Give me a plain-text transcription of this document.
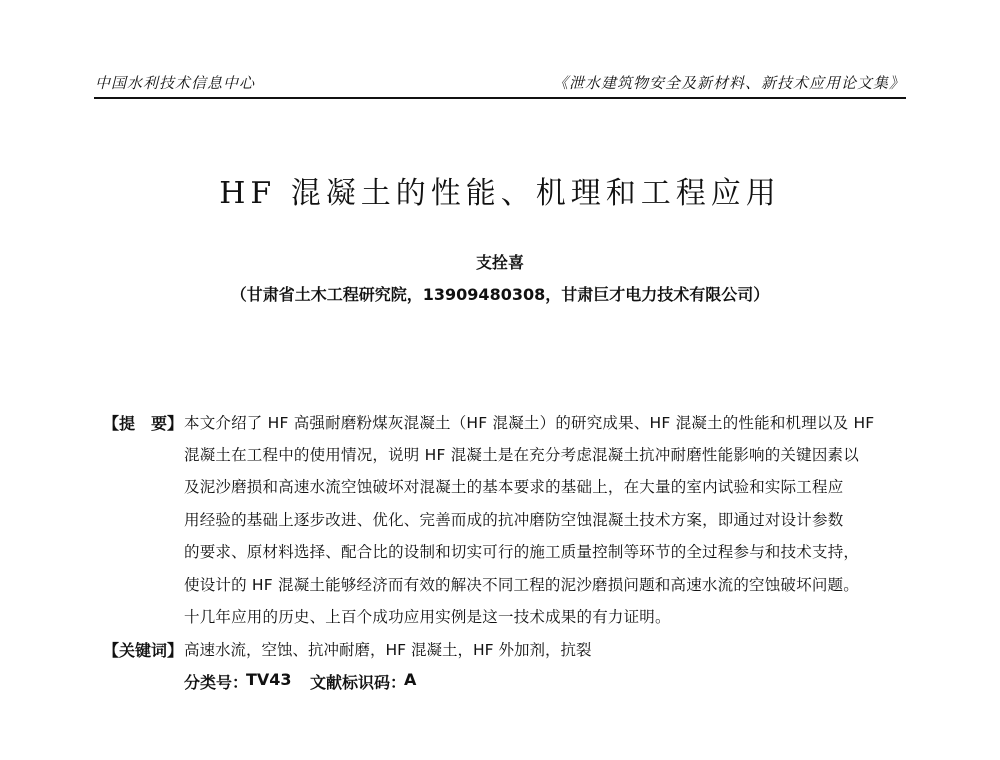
中国水利技术信息中心	《泄水建筑物安全及新材料、新技术应用论文集》
HF 混凝土的性能、机理和工程应用
支拴喜
（甘肃省土木工程研究院，13909480308，甘肃巨才电力技术有限公司）
【提　要】 本文介绍了 HF 高强耐磨粉煤灰混凝土（HF 混凝土）的研究成果、HF 混凝土的性能和机理以及 HF
混凝土在工程中的使用情况，说明 HF 混凝土是在充分考虑混凝土抗冲耐磨性能影响的关键因素以
及泥沙磨损和高速水流空蚀破坏对混凝土的基本要求的基础上，在大量的室内试验和实际工程应
用经验的基础上逐步改进、优化、完善而成的抗冲磨防空蚀混凝土技术方案，即通过对设计参数
的要求、原材料选择、配合比的设制和切实可行的施工质量控制等环节的全过程参与和技术支持，
使设计的 HF 混凝土能够经济而有效的解决不同工程的泥沙磨损问题和高速水流的空蚀破坏问题。
十几年应用的历史、上百个成功应用实例是这一技术成果的有力证明。
【关键词】 高速水流，空蚀、抗冲耐磨，HF 混凝土，HF 外加剂，抗裂
分类号：
TV43 文献标识码：
A
